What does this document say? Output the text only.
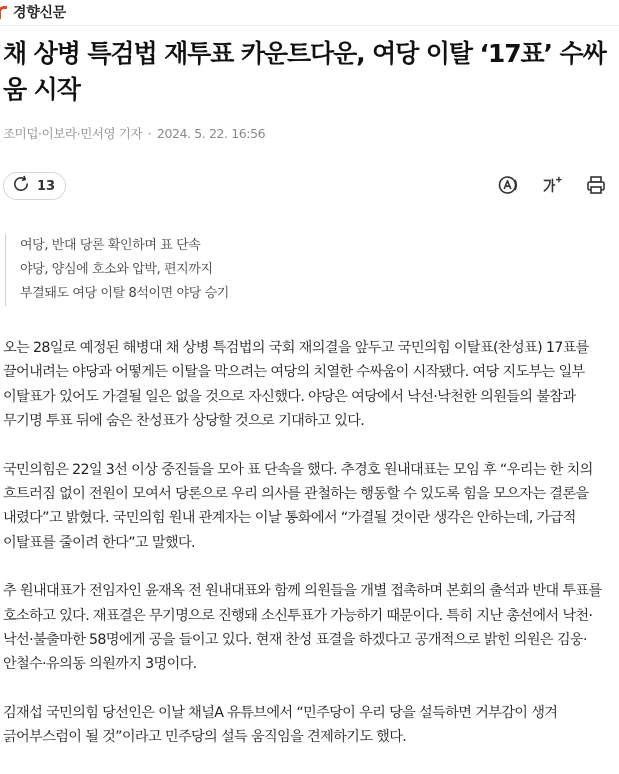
경향신문
채 상병 특검법 재투표 카운트다운, 여당 이탈 ‘17표’ 수싸움 시작
조미덥·이보라·민서영 기자 · 2024. 5. 22. 16:56
13
여당, 반대 당론 확인하며 표 단속
야당, 양심에 호소와 압박, 편지까지
부결돼도 여당 이탈 8석이면 야당 승기

오는 28일로 예정된 해병대 채 상병 특검법의 국회 재의결을 앞두고 국민의힘 이탈표(찬성표) 17표를 끌어내려는 야당과 어떻게든 이탈을 막으려는 여당의 치열한 수싸움이 시작됐다. 여당 지도부는 일부 이탈표가 있어도 가결될 일은 없을 것으로 자신했다. 야당은 여당에서 낙선·낙천한 의원들의 불참과 무기명 투표 뒤에 숨은 찬성표가 상당할 것으로 기대하고 있다.

국민의힘은 22일 3선 이상 중진들을 모아 표 단속을 했다. 추경호 원내대표는 모임 후 “우리는 한 치의 흐트러짐 없이 전원이 모여서 당론으로 우리 의사를 관철하는 행동할 수 있도록 힘을 모으자는 결론을 내렸다”고 밝혔다. 국민의힘 원내 관계자는 이날 통화에서 “가결될 것이란 생각은 안하는데, 가급적 이탈표를 줄이려 한다”고 말했다.

추 원내대표가 전임자인 윤재옥 전 원내대표와 함께 의원들을 개별 접촉하며 본회의 출석과 반대 투표를 호소하고 있다. 재표결은 무기명으로 진행돼 소신투표가 가능하기 때문이다. 특히 지난 총선에서 낙천·낙선·불출마한 58명에게 공을 들이고 있다. 현재 찬성 표결을 하겠다고 공개적으로 밝힌 의원은 김웅·안철수·유의동 의원까지 3명이다.

김재섭 국민의힘 당선인은 이날 채널A 유튜브에서 “민주당이 우리 당을 설득하면 거부감이 생겨 긁어부스럼이 될 것”이라고 민주당의 설득 움직임을 견제하기도 했다.
